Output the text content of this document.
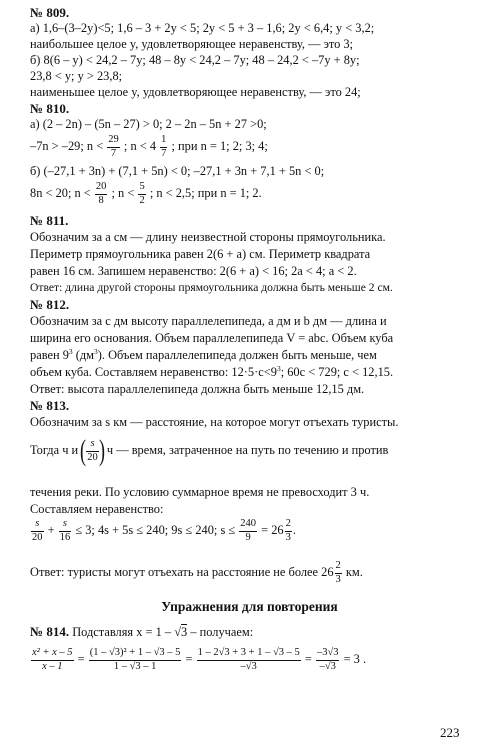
№ 809.
а) 1,6–(3–2y)<5; 1,6 – 3 + 2y < 5; 2y < 5 + 3 – 1,6; 2y < 6,4; y < 3,2;
наибольшее целое y, удовлетворяющее неравенству, — это 3;
б) 8(6 – y) < 24,2 – 7y; 48 – 8y < 24,2 – 7y; 48 – 24,2 < –7y + 8y;
23,8 < y; y > 23,8;
наименьшее целое y, удовлетворяющее неравенству, — это 24;
№ 810.
а) (2 – 2n) – (5n – 27) > 0; 2 – 2n – 5n + 27 >0;
–7n > –29; $n < \frac{29}{7}$ ; $n < 4 \frac{1}{7}$ ; при n = 1; 2; 3; 4;
б) (–27,1 + 3n) + (7,1 + 5n) < 0; –27,1 + 3n + 7,1 + 5n < 0;
8n < 20; $n < \frac{20}{8}$ ; $n < \frac{5}{2}$ ; n < 2,5; при n = 1; 2.
№ 811.
Обозначим за а см — длину неизвестной стороны прямоугольника.
Периметр прямоугольника равен 2(6 + а) см. Периметр квадрата
равен 16 см. Запишем неравенство: 2(6 + а) < 16; 2а < 4; а < 2.
Ответ: длина другой стороны прямоугольника должна быть меньше 2 см.
№ 812.
Обозначим за с дм высоту параллелепипеда, а дм и b дм — длина и
ширина его основания. Объем параллелепипеда V = abc. Объем куба
равен $9^3$ $(дм^3)$. Объем параллелепипеда должен быть меньше, чем
объем куба. Составляем неравенство: $12\cdot 5\cdot с<9^3$; 60с < 729; с < 12,15.
Ответ: высота параллелепипеда должна быть меньше 12,15 дм.
№ 813.
Обозначим за s км — расстояние, на которое могут отъехать туристы.
Тогда ч и ( $\frac{s}{20}$ ) ч — время, затраченное на путь по течению и против
течения реки. По условию суммарное время не превосходит 3 ч.
Составляем неравенство:
$\frac{s}{20} + \frac{s}{16} \le 3$; 4s + 5s ≤ 240; 9s ≤ 240; $s \le \frac{240}{9} = 26 \frac{2}{3}$ .
Ответ: туристы могут отъехать на расстояние не более $26 \frac{2}{3}$ км.
Упражнения для повторения
№ 814. Подставляя x = 1 – √3 – получаем:
$\frac{\text{x² + x – 5}}{x - 1} = \frac{\text{(1 – √3)² + 1 – √3 – 5}}{1 - √3 - 1} = \frac{1 - 2√3 + 3 + 1 - √3 - 5}{-√3} = \frac{-3√3}{-√3} = 3$ .
223
